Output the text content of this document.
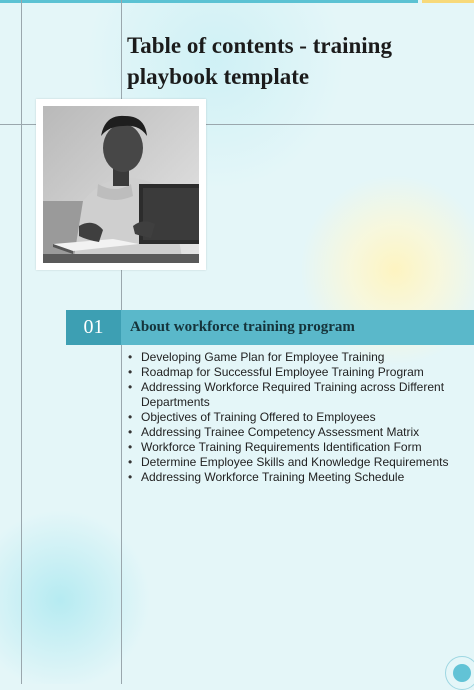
Table of contents - training playbook template
01	About workforce training program
• Developing Game Plan for Employee Training
• Roadmap for Successful Employee Training Program
• Addressing Workforce Required Training across Different Departments
• Objectives of Training Offered to Employees
• Addressing Trainee Competency Assessment Matrix
• Workforce Training Requirements Identification Form
• Determine Employee Skills and Knowledge Requirements
• Addressing Workforce Training Meeting Schedule
